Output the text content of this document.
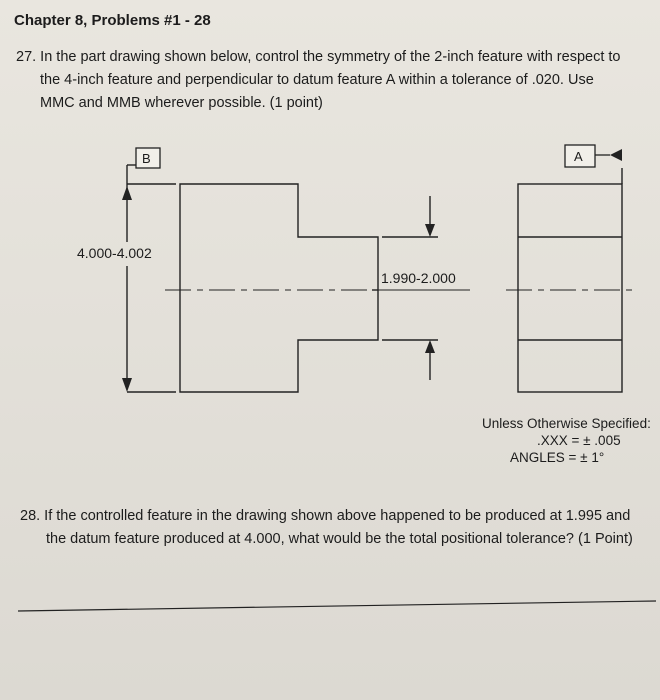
Chapter 8, Problems #1 - 28
27. In the part drawing shown below, control the symmetry of the 2-inch feature with respect to
the 4-inch feature and perpendicular to datum feature A within a tolerance of .020. Use
MMC and MMB wherever possible. (1 point)
B	A
4.000-4.002
1.990-2.000
Unless Otherwise Specified:
.XXX = ± .005
ANGLES = ± 1°
28. If the controlled feature in the drawing shown above happened to be produced at 1.995 and
the datum feature produced at 4.000, what would be the total positional tolerance? (1 Point)
